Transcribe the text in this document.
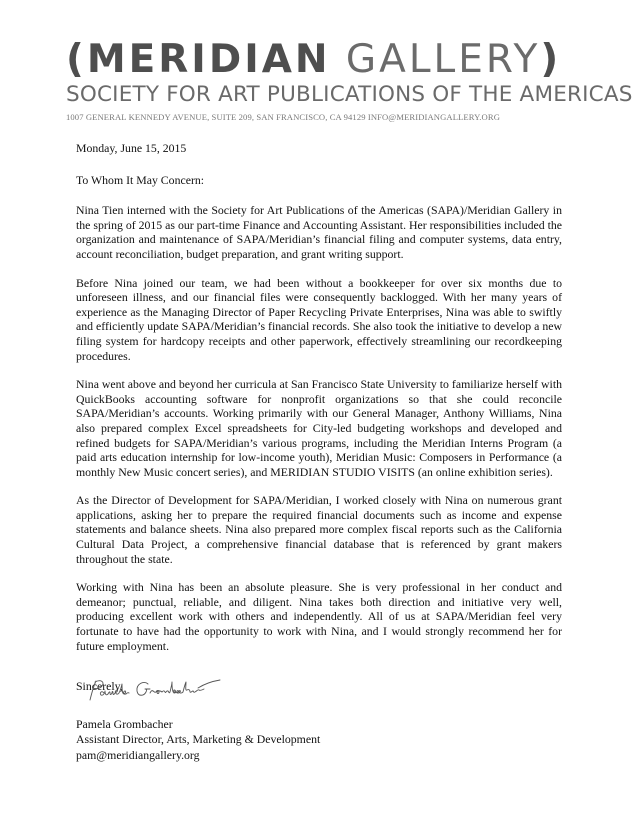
(MERIDIAN GALLERY)
SOCIETY FOR ART PUBLICATIONS OF THE AMERICAS
1007 GENERAL KENNEDY AVENUE, SUITE 209, SAN FRANCISCO, CA 94129 INFO@MERIDIANGALLERY.ORG

Monday, June 15, 2015

To Whom It May Concern:

Nina Tien interned with the Society for Art Publications of the Americas (SAPA)/Meridian Gallery in the spring of 2015 as our part-time Finance and Accounting Assistant. Her responsibilities included the organization and maintenance of SAPA/Meridian’s financial filing and computer systems, data entry, account reconciliation, budget preparation, and grant writing support.

Before Nina joined our team, we had been without a bookkeeper for over six months due to unforeseen illness, and our financial files were consequently backlogged. With her many years of experience as the Managing Director of Paper Recycling Private Enterprises, Nina was able to swiftly and efficiently update SAPA/Meridian’s financial records. She also took the initiative to develop a new filing system for hardcopy receipts and other paperwork, effectively streamlining our recordkeeping procedures.

Nina went above and beyond her curricula at San Francisco State University to familiarize herself with QuickBooks accounting software for nonprofit organizations so that she could reconcile SAPA/Meridian’s accounts. Working primarily with our General Manager, Anthony Williams, Nina also prepared complex Excel spreadsheets for City-led budgeting workshops and developed and refined budgets for SAPA/Meridian’s various programs, including the Meridian Interns Program (a paid arts education internship for low-income youth), Meridian Music: Composers in Performance (a monthly New Music concert series), and MERIDIAN STUDIO VISITS (an online exhibition series).

As the Director of Development for SAPA/Meridian, I worked closely with Nina on numerous grant applications, asking her to prepare the required financial documents such as income and expense statements and balance sheets. Nina also prepared more complex fiscal reports such as the California Cultural Data Project, a comprehensive financial database that is referenced by grant makers throughout the state.

Working with Nina has been an absolute pleasure. She is very professional in her conduct and demeanor; punctual, reliable, and diligent. Nina takes both direction and initiative very well, producing excellent work with others and independently. All of us at SAPA/Meridian feel very fortunate to have had the opportunity to work with Nina, and I would strongly recommend her for future employment.

Sincerely,

Pamela Grombacher
Assistant Director, Arts, Marketing & Development
pam@meridiangallery.org
